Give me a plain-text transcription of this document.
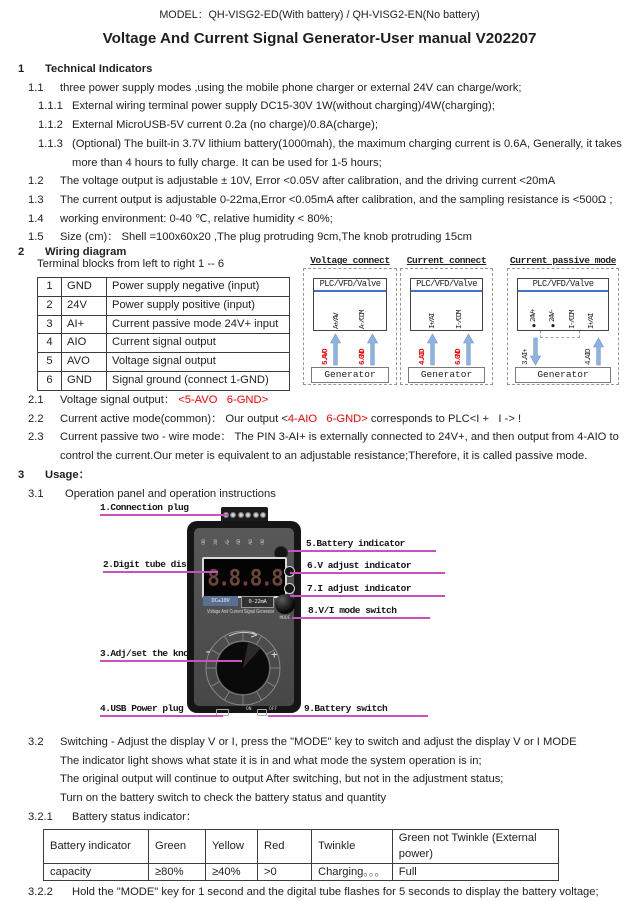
MODEL：QH-VISG2-ED(With battery) / QH-VISG2-EN(No battery)
Voltage And Current Signal Generator-User manual V202207
1	Technical Indicators
1.1	three power supply modes ,using the mobile phone charger or external 24V can charge/work;
1.1.1 External wiring terminal power supply DC15-30V 1W(without charging)/4W(charging);
1.1.2 External MicroUSB-5V current 0.2a (no charge)/0.8A(charge);
1.1.3 (Optional) The built-in 3.7V lithium battery(1000mah), the maximum charging current is 0.6A, Generally, it takes
more than 4 hours to fully charge. It can be used for 1-5 hours;
1.2	The voltage output is adjustable ± 10V, Error <0.05V after calibration, and the driving current <20mA
1.3	The current output is adjustable 0-22ma,Error <0.05mA after calibration, and the sampling resistance is <500Ω ;
1.4	working environment: 0-40 ℃, relative humidity < 80%;
1.5	Size (cm)： Shell =100x60x20 ,The plug protruding 9cm,The knob protruding 15cm
2	Wiring diagram
Terminal blocks from left to right 1 -- 6
1	GND	Power supply negative (input)
2	24V	Power supply positive (input)
3	AI+	Current passive mode 24V+ input
4	AIO	Current signal output
5	AVO	Voltage signal output
6	GND	Signal ground (connect 1-GND)
Voltage connect
PLC/VFD/Valve
A+/AV A-/COM
5.AVO	6.GND
Generator
Current connect
PLC/VFD/Valve
I+/AI I-/COM
4.AIO	6.GND
Generator
Current passive mode
PLC/VFD/Valve
●24V+ ●24V- I-/COM I+/AI
3.AI+	4.AIO
Generator
2.1	Voltage signal output： <5-AVO   6-GND>
2.2	Current active mode(common)： Our output <4-AIO   6-GND> corresponds to PLC<I +   I -> !
2.3	Current passive two - wire mode： The PIN 3-AI+ is externally connected to 24V+, and then output from 4-AIO to
control the current.Our meter is equivalent to an adjustable resistance;Therefore, it is called passive mode.
3	Usage：
3.1	Operation panel and operation instructions
GND 24V AI+ AIO AVO GND
8.8.8.8
DC±10V	0-22mA
Voltage And Current Signal Generator
MODE
-	+
ON	OFF
1.Connection plug
2.Digit tube disp
3.Adj/set the knob
4.USB Power plug
5.Battery indicator
6.V adjust indicator
7.I adjust indicator
8.V/I mode switch
9.Battery switch
3.2	Switching - Adjust the display V or I, press the "MODE" key to switch and adjust the display V or I MODE
The indicator light shows what state it is in and what mode the system operation is in;
The original output will continue to output After switching, but not in the adjustment status;
Turn on the battery switch to check the battery status and quantity
3.2.1	Battery status indicator：
Battery indicator	Green	Yellow	Red	Twinkle	Green not Twinkle (External power)
capacity	≥80%	≥40%	>0	Charging。。。	Full
3.2.2	Hold the "MODE" key for 1 second and the digital tube flashes for 5 seconds to display the battery voltage;
